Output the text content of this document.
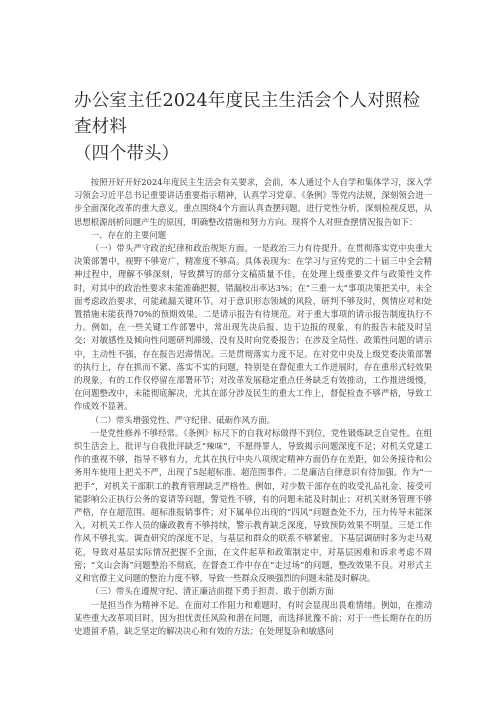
办公室主任2024年度民主生活会个人对照检查材料
（四个带头）

按照开好开好2024年度民主生活会有关要求，会前，本人通过个人自学和集体学习，深入学习领会习近平总书记重要讲话重要指示精神，认真学习党章、《条例》等党内法规，深刻领会进一步全面深化改革的重大意义，重点围绕4个方面认真查摆问题，进行党性分析，深刻检视反思，从思想根源剖析问题产生的原因，明确整改措施和努力方向。现将个人对照查摆情况报告如下：

一、存在的主要问题

（一）带头严守政治纪律和政治规矩方面。一是政治三力有待提升。在贯彻落实党中央重大决策部署中，视野不够宽广，精准度不够高。具体表现为：在学习与宣传党的二十届三中全会精神过程中，理解不够深刻，导致撰写的部分文稿质量不佳，在处理上级重要文件与政策性文件时，对其中的政治性要求未能准确把握，错漏校出率达3%；在“三重一大”事项决策把关中，未全面考虑政治要求，可能疏漏关键环节。对于意识形态领域的风险，研判不够及时，舆情应对和处置措施未能获得70%的预期效果。二是请示报告有待规范。对于重大事项的请示报告制度执行不力。例如，在一些关键工作部署中，常出现先决后报、边干边报的现象，有的报告未能及时呈交；对敏感性及倾向性问题研判滞缓，没有及时向党委报告；在涉及全局性、政策性问题的请示中，主动性不强，存在报告迟滞情况。三是贯彻落实力度不足。在对党中央及上级党委决策部署的执行上，存在抓而不紧、落实不实的问题，特别是在督促重大工作进展时，存在重形式轻效果的现象，有的工作仅停留在部署环节；对改革发展稳定重点任务缺乏有效推动，工作推进缓慢，在问题整改中，未能彻底解决，尤其在部分涉及民生的重大工作上，督促检查不够严格，导致工作成效不显著。

（二）带头增强党性、严守纪律、砥砺作风方面。

一是党性修养不够经常。《条例》标尺下的自我对标做得不到位，党性锻炼缺乏自觉性。在组织生活会上，批评与自我批评缺乏“辣味”，不愿得罪人，导致揭示问题深度不足；对机关党建工作的重视不够，指导不够有力，尤其在执行中央八项规定精神方面仍存在差距，如公务接待和公务用车使用上把关不严，出现了5起超标准、超范围事件。二是廉洁自律意识有待加强。作为“一把手”，对机关干部职工的教育管理缺乏严格性。例如，对少数干部存在的收受礼品礼金、接受可能影响公正执行公务的宴请等问题，警觉性不够，有的问题未能及时制止；对机关财务管理不够严格，存在超范围、超标准报销事件；对下属单位出现的“四风”问题查处不力，压力传导未能深入，对机关工作人员的廉政教育不够持续，警示教育缺乏深度，导致预防效果不明显。三是工作作风不够扎实。调查研究的深度不足，与基层和群众的联系不够紧密。下基层调研时多为走马观花，导致对基层实际情况把握不全面，在文件起草和政策制定中，对基层困难和诉求考虑不周密；“文山会海”问题整治不彻底，在督查工作中存在“走过场”的问题，整改效果不良。对形式主义和官僚主义问题的整治力度不够，导致一些群众反映强烈的问题未能及时解决。

（三）带头在遵规守纪、清正廉洁前提下勇于担责、敢于创新方面

一是担当作为精神不足。在面对工作阻力和难题时，有时会显现出畏难情绪。例如，在推动某些重大改革项目时，因为担忧责任风险和潜在问题，而选择犹豫不前；对于一些长期存在的历史遗留矛盾，缺乏坚定的解决决心和有效的方法；在处理复杂和敏感问
